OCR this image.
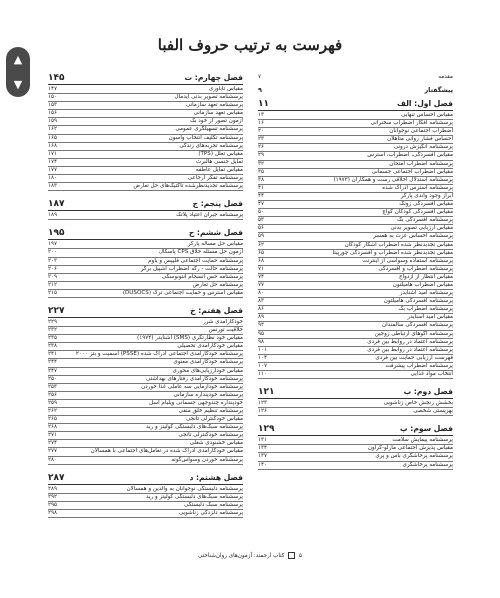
فهرست به ترتیب حروف الفبا
▲
▼
مقدمه
۷
پیشگفتار
۹
فصل اول: الف
۱۱
مقیاس احساس تنهایی
۱۳
پرسشنامه افکار اضطراب سخنرانی
۱۶
اضطراب اجتماعی نوجوانان
۲۰
احساس فشار روانی متأهلان
۲۳
پرسشنامه انگیزش درونی
۲۶
مقیاس افسردگی، اضطراب، استرس
۲۹
پرسشنامه اضطراب امتحان
۳۲
مقیاس اضطراب اجتماعی جسمانی
۳۵
پرسشنامه استدلال اخلاقی رست و همکاران (۱۹۷۳)
۳۸
پرسشنامه استرس ادراک شده
۴۱
ابراز وجود واندی پارکر
۴۴
مقیاس افسردگی زونگ
۴۷
مقیاس افسردگی کودکان کواچ
۵۰
پرسشنامه افسردگی بک
۵۳
مقیاس ارزیابی تصویر بدنی
۵۶
پرسشنامه احساس عزت به همسر
۵۹
مقیاس تجدیدنظر شده اضطراب آشکار کودکان
۶۲
مقیاس تجدیدنظر شده اضطراب و افسردگی چورپیتا
۶۵
پرسشنامه استفاده وسواسی از اینترنت
۶۸
پرسشنامه اضطراب و افسردگی
۷۱
مقیاس انتظار از ازدواج
۷۴
مقیاس اضطراب هامیلتون
۷۷
پرسشنامه امید اشنایدر
۸۰
پرسشنامه افسردگی هامیلتون
۸۳
پرسشنامه اضطراب بک
۸۶
مقیاس امید اسنایدر
۸۹
پرسشنامه افسردگی سالمندان
۹۲
پرسشنامه اگوهای ارتباطی زوجین
۹۵
پرسشنامه اعتماد در روابط بین فردی
۹۸
پرسشنامه اعتماد در روابط بین فردی
۱۰۱
فهرست ارزیابی حمایت بین فردی
۱۰۴
پرسشنامه اضطراب پیشرفت
۱۰۷
انتخاب مواد غذایی
۱۱۰
فصل دوم: ب
۱۲۱
بخشش رنجش خاص زناشویی
۱۲۳
بهزیستی شخصی
۱۲۶
فصل سوم: پ
۱۲۹
پرسشنامه پیمایش سلامت
۱۳۱
مقیاس پذیرش اجتماعی مارلو-کراون
۱۳۴
پرسشنامه پرخاشگری باس و پری
۱۳۷
پرسشنامه پرخاشگری
۱۴۰
فصل چهارم: ت
۱۴۵
مقیاس تابآوری
۱۴۷
پرسشنامه تصویر بدنی ایدمال
۱۵۰
پرسشنامه تعهد سازمانی
۱۵۳
مقیاس تعهد سازمانی
۱۵۶
آزمون تصور از خود بک
۱۵۹
پرسشنامه تسهیلگری عمومی
۱۶۲
پرسشنامه تکلیف انتخاب واسون
۱۶۵
پرسشنامه تجربه‌های زندگی
۱۶۸
مقیاس تعلل (TPS)
۱۷۱
تمایل جنسی هالبرت
۱۷۴
مقیاس تمایل عاطفه
۱۷۷
پرسشنامه تفکر ارجاعی
۱۸۰
پرسشنامه تجدیدنظرشده تاکتیک‌های حل تعارض
۱۸۳
فصل پنجم: ج
۱۸۷
پرسشنامه جبران اعتیاد پلاتک
۱۸۹
فصل ششم: ح
۱۹۵
مقیاس حل مساله پارکر
۱۹۷
آزمون حل مسئله خلاق CPS پاسکال
۲۰۰
پرسشنامه حمایت اجتماعی فلیپس و یاوم
۲۰۳
پرسشنامه حالت - رگه اضطراب اشپیل برگر
۲۰۶
پرسشنامه حس انسجام آنتونوسکی
۲۰۹
پرسشنامه حل تعارض
۲۱۲
مقیاس استرس و حمایت اجتماعی ترک (DUSOCS)
۲۱۵
فصل هفتم: خ
۲۲۷
خودکارآمدی شرر
۲۲۹
خلاقیت تورنس
۲۳۲
مقیاس خود نظارتگری (SMS) اشنایدر (۱۹۷۴)
۲۳۵
مقیاس خودکارآمدی تحصیلی
۲۳۸
پرسشنامه خودکارآمدی اجتماعی ادراک شده (PSSE) اسمیت و بتز ۲۰۰۰
۲۴۱
پرسشنامه خودکارآمدی معنوی
۲۴۴
مقیاس خودارزیابی‌های محوری
۲۴۷
پرسشنامه خودکارآمدی رفتارهای بهداشتی
۲۵۰
پرسشنامه خودآزمایی سه عاملی غذا خوردن
۲۵۳
پرسشنامه خودپنداره سازمانی
۲۵۶
خودپنداره چندوجهی جسمانی ویلیام اسل
۲۵۹
پرسشنامه تنظیم خلق منفی
۲۶۲
مقیاس خودکنترلی تانجی
۲۶۵
پرسشنامه سبک‌های دلبستگی کولینز و رید
۲۶۸
پرسشنامه خودکنترلی تانجی
۲۷۱
مقیاس خشنودی شغلی
۲۷۴
مقیاس خودکارآمدی ادراک شده در تعامل‌های اجتماعی با همسالان
۲۷۷
پرسشنامه خوردن وسواس‌گونه
۲۸۰
فصل هشتم: د
۲۸۷
پرسشنامه دلبستگی نوجوانان به والدین و همسالان
۲۸۹
پرسشنامه سبک‌های دلبستگی کولینز و رید
۲۹۲
پرسشنامه سبک دلبستگی
۲۹۵
پرسشنامه دلزدگی زناشویی
۲۹۸
۵  کتاب ارجمند: آزمون‌های روان‌شناختی
